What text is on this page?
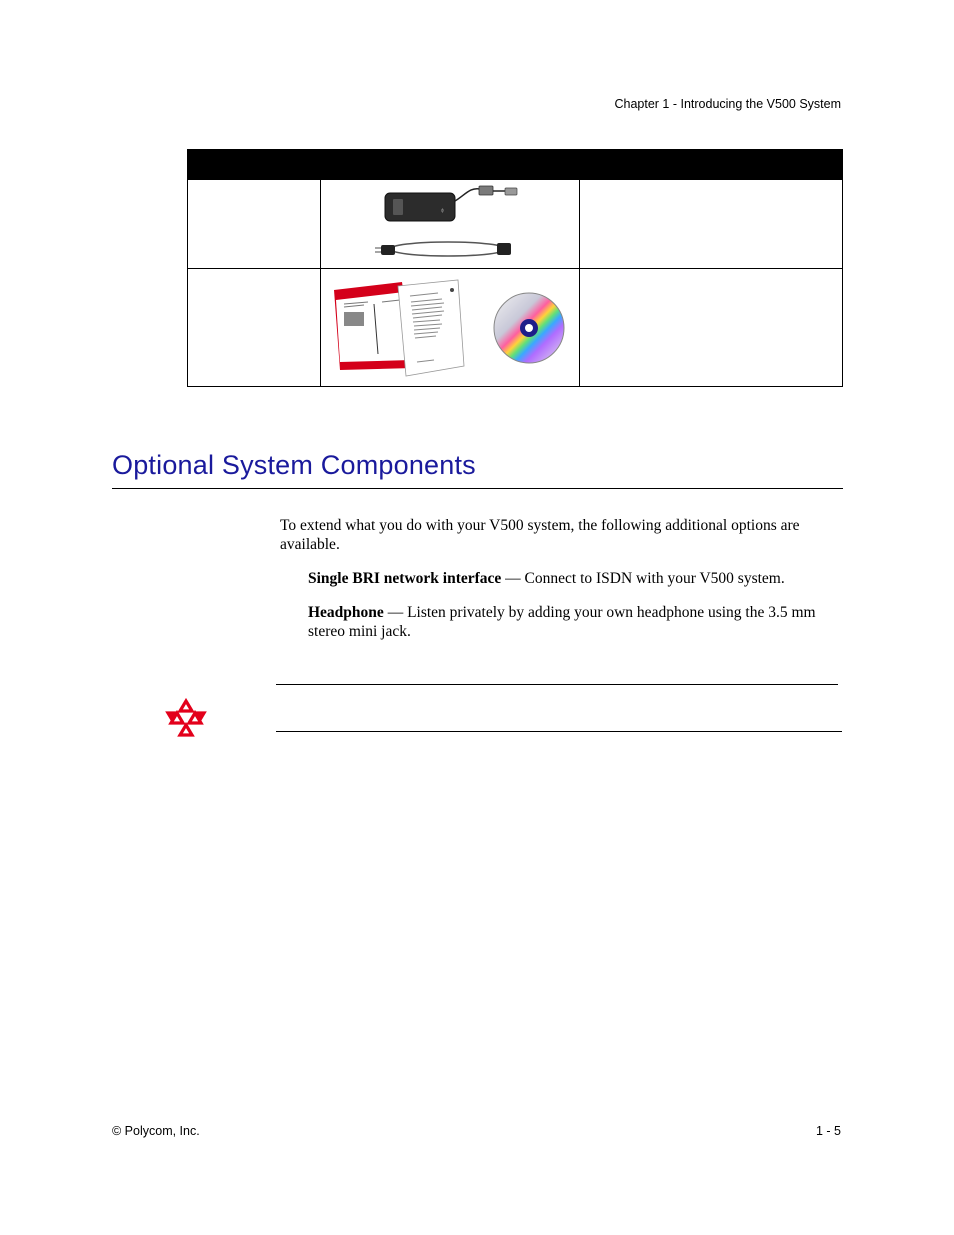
Chapter 1 - Introducing the V500 System

ɸ	

Optional System Components

To extend what you do with your V500 system, the following additional options are available.

Single BRI network interface — Connect to ISDN with your V500 system.

Headphone — Listen privately by adding your own headphone using the 3.5 mm stereo mini jack.

© Polycom, Inc.	1 - 5
